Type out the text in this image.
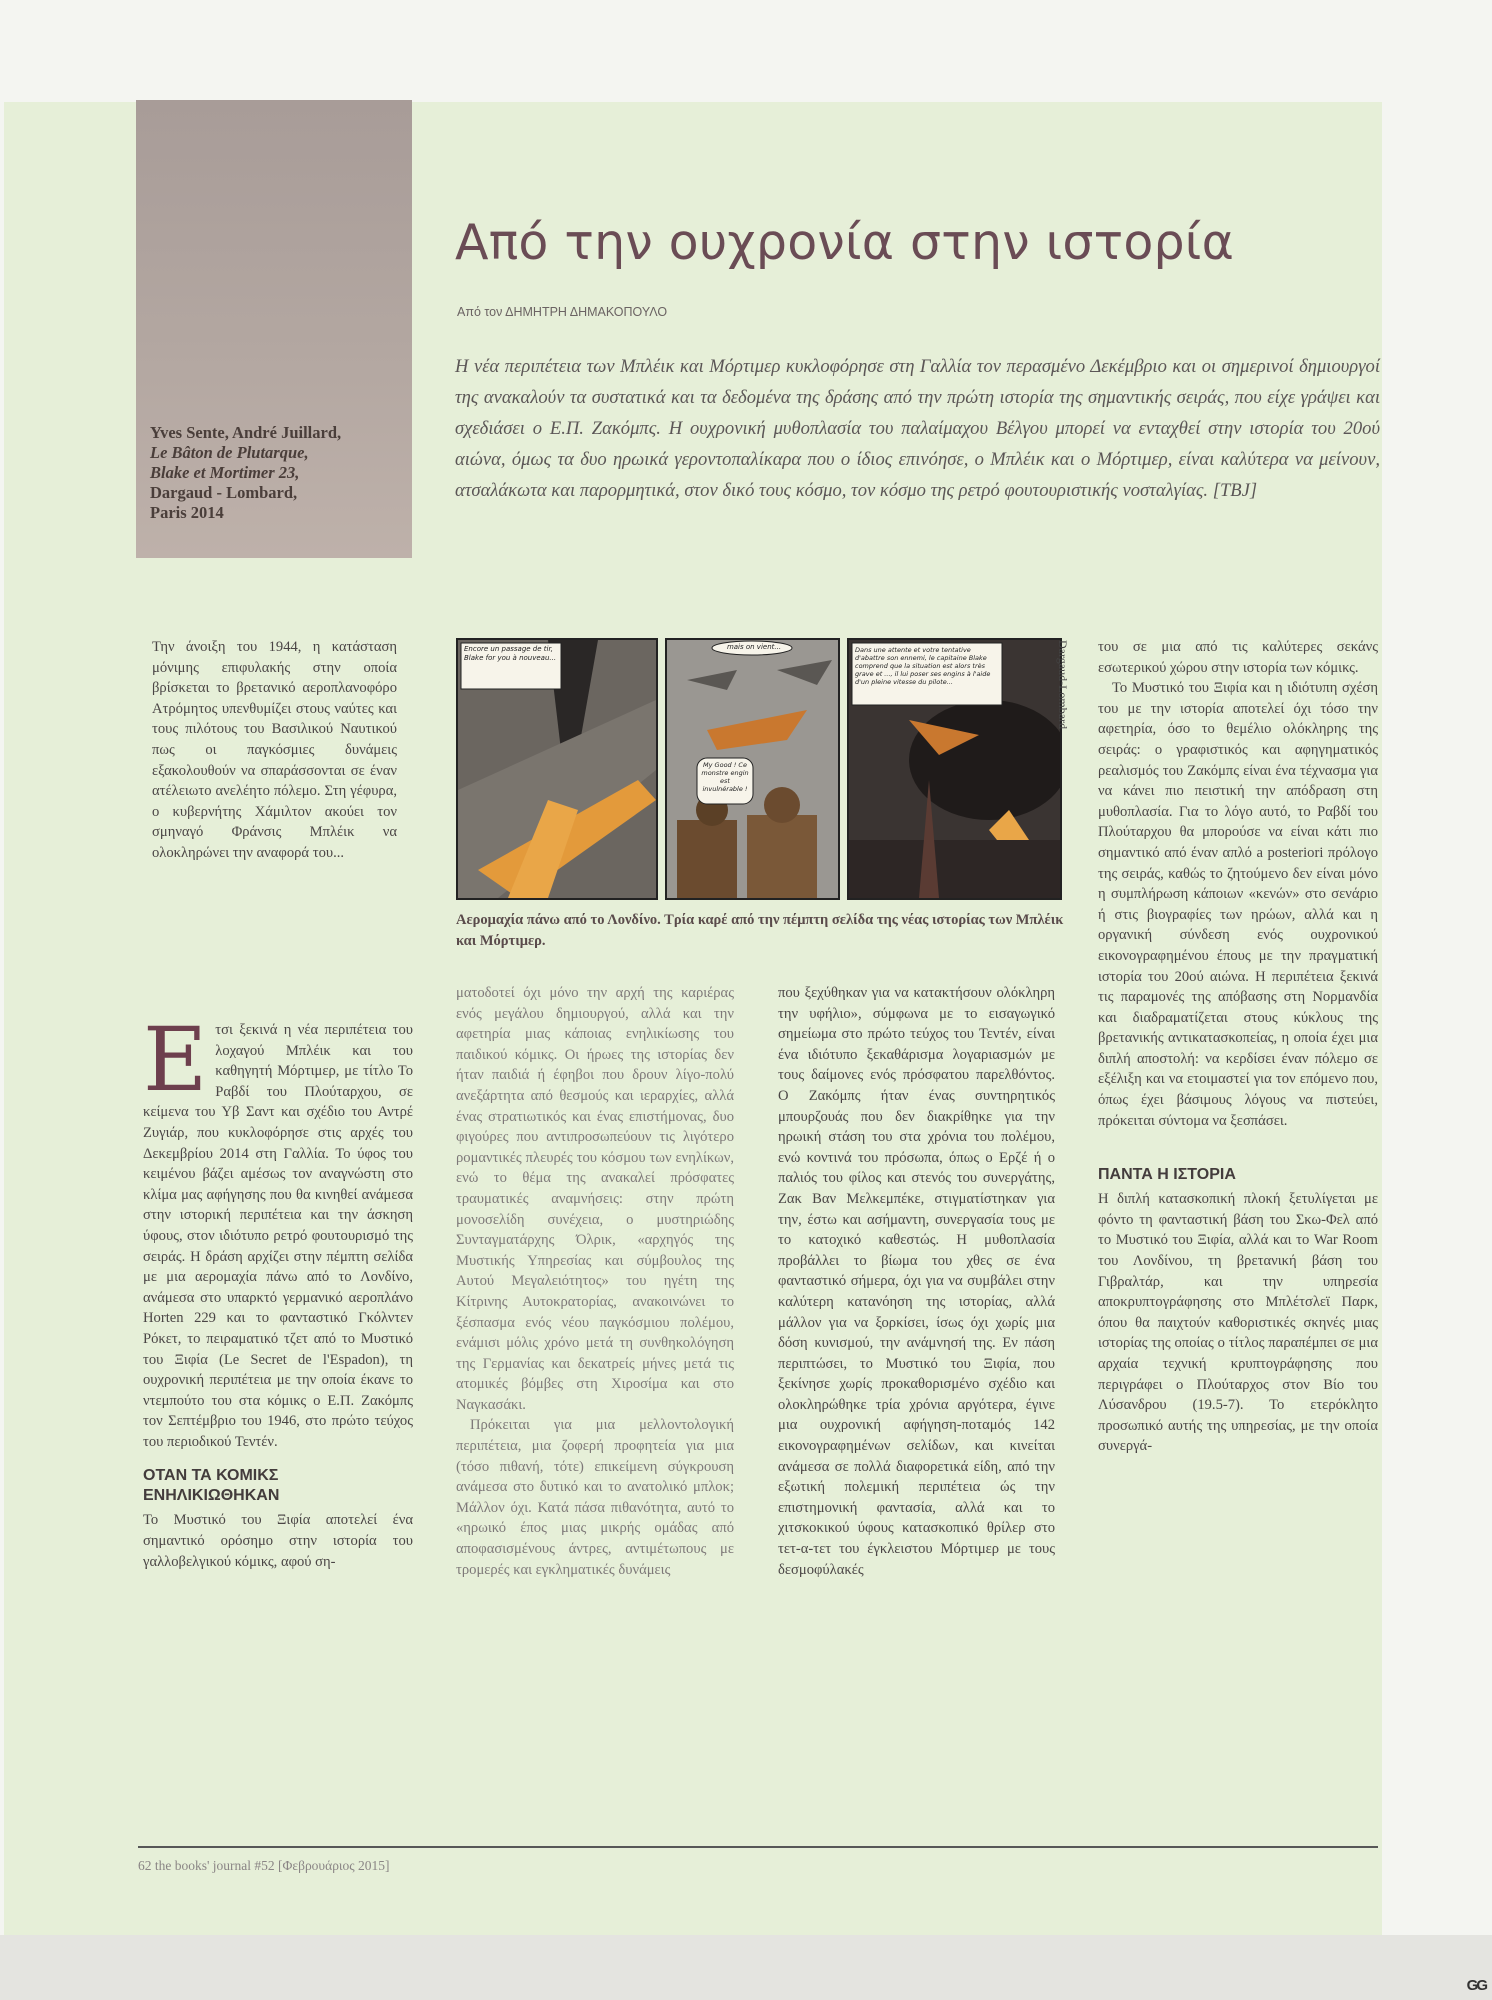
Yves Sente, André Juillard,
Le Bâton de Plutarque,
Blake et Mortimer 23,
Dargaud - Lombard,
Paris 2014
Από την ουχρονία στην ιστορία
Από τον ΔΗΜΗΤΡΗ ΔΗΜΑΚΟΠΟΥΛΟ
Η νέα περιπέτεια των Μπλέικ και Μόρτιμερ κυκλοφόρησε στη Γαλλία τον περασμένο Δεκέμβριο και οι σημερινοί δημιουργοί της ανακαλούν τα συστατικά και τα δεδομένα της δράσης από την πρώτη ιστορία της σημαντικής σειράς, που είχε γράψει και σχεδιάσει ο Ε.Π. Ζακόμπς. Η ουχρονική μυθοπλασία του παλαίμαχου Βέλγου μπορεί να ενταχθεί στην ιστορία του 20ού αιώνα, όμως τα δυο ηρωικά γεροντοπαλίκαρα που ο ίδιος επινόησε, ο Μπλέικ και ο Μόρτιμερ, είναι καλύτερα να μείνουν, ατσαλάκωτα και παρορμητικά, στον δικό τους κόσμο, τον κόσμο της ρετρό φουτουριστικής νοσταλγίας. [ΤΒJ]

Την άνοιξη του 1944, η κατάσταση μόνιμης επιφυλακής στην οποία βρίσκεται το βρετανικό αεροπλανοφόρο Ατρόμητος υπενθυμίζει στους ναύτες και τους πιλότους του Βασιλικού Ναυτικού πως οι παγκόσμιες δυνάμεις εξακολουθούν να σπαράσσονται σε έναν ατέλειωτο ανελέητο πόλεμο. Στη γέφυρα, ο κυβερνήτης Χάμιλτον ακούει τον σμηναγό Φράνσις Μπλέικ να ολοκληρώνει την αναφορά του...

Ε τσι ξεκινά η νέα περιπέτεια του λοχαγού Μπλέικ και του καθηγητή Μόρτιμερ, με τίτλο Το Ραβδί του Πλούταρχου, σε κείμενα του Υβ Σαντ και σχέδιο του Αντρέ Ζυγιάρ, που κυκλοφόρησε στις αρχές του Δεκεμβρίου 2014 στη Γαλλία. Το ύφος του κειμένου βάζει αμέσως τον αναγνώστη στο κλίμα μας αφήγησης που θα κινηθεί ανάμεσα στην ιστορική περιπέτεια και την άσκηση ύφους, στον ιδιότυπο ρετρό φουτουρισμό της σειράς. Η δράση αρχίζει στην πέμπτη σελίδα με μια αερομαχία πάνω από το Λονδίνο, ανάμεσα στο υπαρκτό γερμανικό αεροπλάνο Horten 229 και το φανταστικό Γκόλντεν Ρόκετ, το πειραματικό τζετ από το Μυστικό του Ξιφία (Le Secret de l'Espadon), τη ουχρονική περιπέτεια με την οποία έκανε το ντεμπούτο του στα κόμικς ο Ε.Π. Ζακόμπς τον Σεπτέμβριο του 1946, στο πρώτο τεύχος του περιοδικού Τεντέν.

ΟΤΑΝ ΤΑ ΚΟΜΙΚΣ ΕΝΗΛΙΚΙΩΘΗΚΑΝ

Το Μυστικό του Ξιφία αποτελεί ένα σημαντικό ορόσημο στην ιστορία του γαλλοβελγικού κόμικς, αφού ση-

Encore un passage de tir, Blake for you à nouveau...
mais on vient...
My Good ! Ce monstre engin est invulnérable !
Dans une attente et votre tentative d'abattre son ennemi, le capitaine Blake comprend que la situation est alors très grave et ..., il lui poser ses engins à l'aide d'un pleine vitesse du pilote...	Dargaud-Lombard
Αερομαχία πάνω από το Λονδίνο. Τρία καρέ από την πέμπτη σελίδα της νέας ιστορίας των Μπλέικ και Μόρτιμερ.

ματοδοτεί όχι μόνο την αρχή της καριέρας ενός μεγάλου δημιουργού, αλλά και την αφετηρία μιας κάποιας ενηλικίωσης του παιδικού κόμικς. Οι ήρωες της ιστορίας δεν ήταν παιδιά ή έφηβοι που δρουν λίγο-πολύ ανεξάρτητα από θεσμούς και ιεραρχίες, αλλά ένας στρατιωτικός και ένας επιστήμονας, δυο φιγούρες που αντιπροσωπεύουν τις λιγότερο ρομαντικές πλευρές του κόσμου των ενηλίκων, ενώ το θέμα της ανακαλεί πρόσφατες τραυματικές αναμνήσεις: στην πρώτη μονοσελίδη συνέχεια, ο μυστηριώδης Συνταγματάρχης Όλρικ, «αρχηγός της Μυστικής Υπηρεσίας και σύμβουλος της Αυτού Μεγαλειότητος» του ηγέτη της Κίτρινης Αυτοκρατορίας, ανακοινώνει το ξέσπασμα ενός νέου παγκόσμιου πολέμου, ενάμισι μόλις χρόνο μετά τη συνθηκολόγηση της Γερμανίας και δεκατρείς μήνες μετά τις ατομικές βόμβες στη Χιροσίμα και στο Ναγκασάκι.

Πρόκειται για μια μελλοντολογική περιπέτεια, μια ζοφερή προφητεία για μια (τόσο πιθανή, τότε) επικείμενη σύγκρουση ανάμεσα στο δυτικό και το ανατολικό μπλοκ; Μάλλον όχι. Κατά πάσα πιθανότητα, αυτό το «ηρωικό έπος μιας μικρής ομάδας από αποφασισμένους άντρες, αντιμέτωπους με τρομερές και εγκληματικές δυνάμεις

που ξεχύθηκαν για να κατακτήσουν ολόκληρη την υφήλιο», σύμφωνα με το εισαγωγικό σημείωμα στο πρώτο τεύχος του Τεντέν, είναι ένα ιδιότυπο ξεκαθάρισμα λογαριασμών με τους δαίμονες ενός πρόσφατου παρελθόντος. Ο Ζακόμπς ήταν ένας συντηρητικός μπουρζουάς που δεν διακρίθηκε για την ηρωική στάση του στα χρόνια του πολέμου, ενώ κοντινά του πρόσωπα, όπως ο Ερζέ ή ο παλιός του φίλος και στενός του συνεργάτης, Ζακ Βαν Μελκεμπέκε, στιγματίστηκαν για την, έστω και ασήμαντη, συνεργασία τους με το κατοχικό καθεστώς. Η μυθοπλασία προβάλλει το βίωμα του χθες σε ένα φανταστικό σήμερα, όχι για να συμβάλει στην καλύτερη κατανόηση της ιστορίας, αλλά μάλλον για να ξορκίσει, ίσως όχι χωρίς μια δόση κυνισμού, την ανάμνησή της. Εν πάση περιπτώσει, το Μυστικό του Ξιφία, που ξεκίνησε χωρίς προκαθορισμένο σχέδιο και ολοκληρώθηκε τρία χρόνια αργότερα, έγινε μια ουχρονική αφήγηση-ποταμός 142 εικονογραφημένων σελίδων, και κινείται ανάμεσα σε πολλά διαφορετικά είδη, από την εξωτική πολεμική περιπέτεια ώς την επιστημονική φαντασία, αλλά και το χιτσκοκικού ύφους κατασκοπικό θρίλερ στο τετ-α-τετ του έγκλειστου Μόρτιμερ με τους δεσμοφύλακές

του σε μια από τις καλύτερες σεκάνς εσωτερικού χώρου στην ιστορία των κόμικς.

Το Μυστικό του Ξιφία και η ιδιότυπη σχέση του με την ιστορία αποτελεί όχι τόσο την αφετηρία, όσο το θεμέλιο ολόκληρης της σειράς: ο γραφιστικός και αφηγηματικός ρεαλισμός του Ζακόμπς είναι ένα τέχνασμα για να κάνει πιο πειστική την απόδραση στη μυθοπλασία. Για το λόγο αυτό, το Ραβδί του Πλούταρχου θα μπορούσε να είναι κάτι πιο σημαντικό από έναν απλό a posteriori πρόλογο της σειράς, καθώς το ζητούμενο δεν είναι μόνο η συμπλήρωση κάποιων «κενών» στο σενάριο ή στις βιογραφίες των ηρώων, αλλά και η οργανική σύνδεση ενός ουχρονικού εικονογραφημένου έπους με την πραγματική ιστορία του 20ού αιώνα. Η περιπέτεια ξεκινά τις παραμονές της απόβασης στη Νορμανδία και διαδραματίζεται στους κύκλους της βρετανικής αντικατασκοπείας, η οποία έχει μια διπλή αποστολή: να κερδίσει έναν πόλεμο σε εξέλιξη και να ετοιμαστεί για τον επόμενο που, όπως έχει βάσιμους λόγους να πιστεύει, πρόκειται σύντομα να ξεσπάσει.

ΠΑΝΤΑ Η ΙΣΤΟΡΙΑ

Η διπλή κατασκοπική πλοκή ξετυλίγεται με φόντο τη φανταστική βάση του Σκω-Φελ από το Μυστικό του Ξιφία, αλλά και το War Room του Λονδίνου, τη βρετανική βάση του Γιβραλτάρ, και την υπηρεσία αποκρυπτογράφησης στο Μπλέτσλεϊ Παρκ, όπου θα παιχτούν καθοριστικές σκηνές μιας ιστορίας της οποίας ο τίτλος παραπέμπει σε μια αρχαία τεχνική κρυπτογράφησης που περιγράφει ο Πλούταρχος στον Βίο του Λύσανδρου (19.5-7). Το ετερόκλητο προσωπικό αυτής της υπηρεσίας, με την οποία συνεργά-

62 the books' journal #52 [Φεβρουάριος 2015]
GG
